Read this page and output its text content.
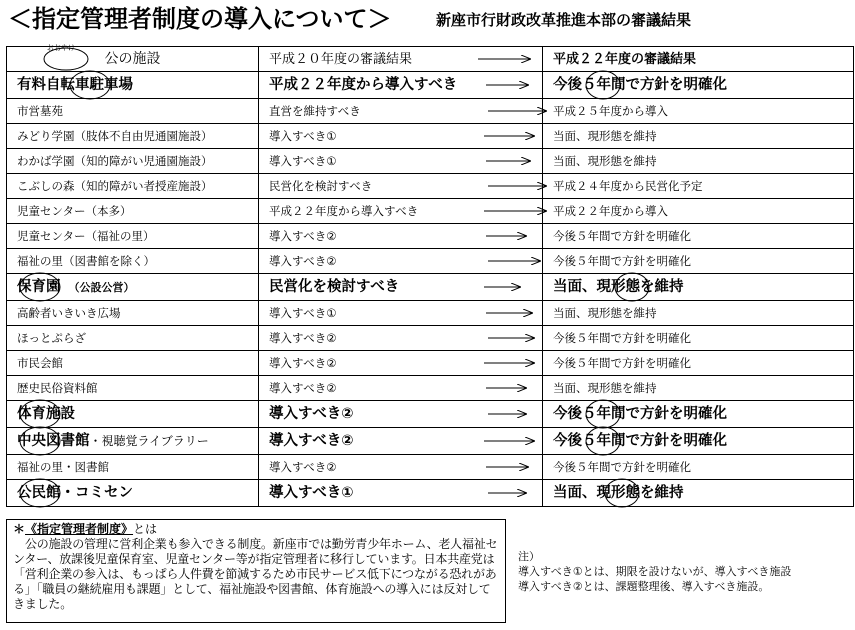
＜指定管理者制度の導入について＞	新座市行財政改革推進本部の審議結果
おおやけ
公の施設	平成２０年度の審議結果	平成２２年度の審議結果
有料自転車駐車場	平成２２年度から導入すべき	今後５年間で方針を明確化
市営墓苑	直営を維持すべき	平成２５年度から導入
みどり学園（肢体不自由児通園施設）	導入すべき①	当面、現形態を維持
わかば学園（知的障がい児通園施設）	導入すべき①	当面、現形態を維持
こぶしの森（知的障がい者授産施設）	民営化を検討すべき	平成２４年度から民営化予定
児童センター（本多）	平成２２年度から導入すべき	平成２２年度から導入
児童センター（福祉の里）	導入すべき②	今後５年間で方針を明確化
福祉の里（図書館を除く）	導入すべき②	今後５年間で方針を明確化
保育園 （公設公営）	民営化を検討すべき	当面、現形態を維持
高齢者いきいき広場	導入すべき①	当面、現形態を維持
ほっとぷらざ	導入すべき②	今後５年間で方針を明確化
市民会館	導入すべき②	今後５年間で方針を明確化
歴史民俗資料館	導入すべき②	当面、現形態を維持
体育施設	導入すべき②	今後５年間で方針を明確化
中央図書館・視聴覚ライブラリー	導入すべき②	今後５年間で方針を明確化
福祉の里・図書館	導入すべき②	今後５年間で方針を明確化
公民館・コミセン	導入すべき①	当面、現形態を維持
＊《指定管理者制度》とは
公の施設の管理に営利企業も参入できる制度。新座市では勤労青少年ホーム、老人福祉センター、放課後児童保育室、児童センター等が指定管理者に移行しています。日本共産党は「営利企業の参入は、もっぱら人件費を節減するため市民サービス低下につながる恐れがある」「職員の継続雇用も課題」として、福祉施設や図書館、体育施設への導入には反対してきました。
注）
導入すべき①とは、期限を設けないが、導入すべき施設
導入すべき②とは、課題整理後、導入すべき施設。
